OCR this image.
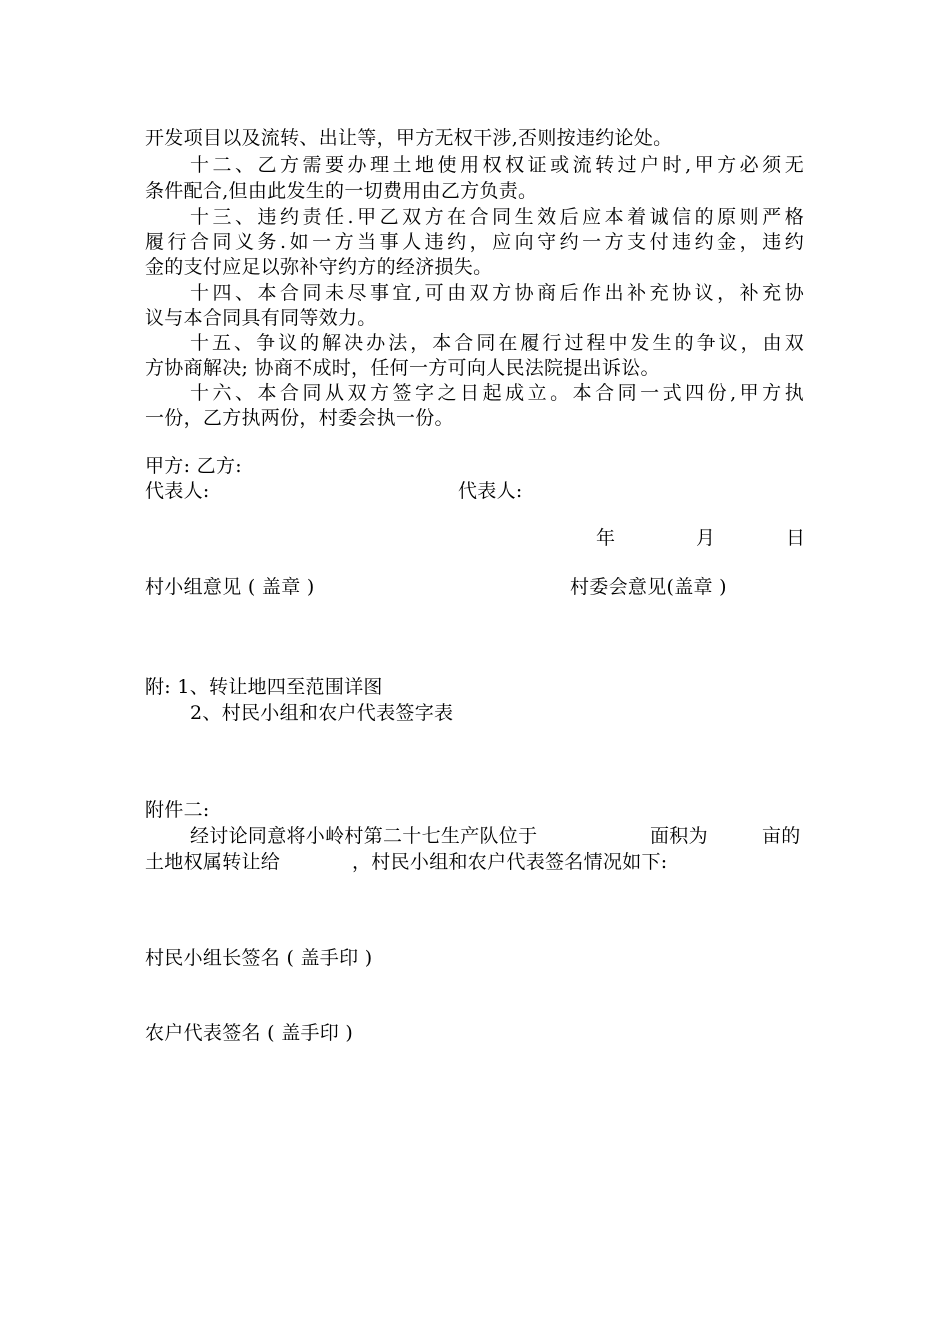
开发项目以及流转、出让等，甲方无权干涉,否则按违约论处。
十二、乙方需要办理土地使用权权证或流转过户时,甲方必须无
条件配合,但由此发生的一切费用由乙方负责。
十三、违约责任.甲乙双方在合同生效后应本着诚信的原则严格
履行合同义务.如一方当事人违约，应向守约一方支付违约金，违约
金的支付应足以弥补守约方的经济损失。
十四、本合同未尽事宜,可由双方协商后作出补充协议，补充协
议与本合同具有同等效力。
十五、争议的解决办法，本合同在履行过程中发生的争议，由双
方协商解决; 协商不成时，任何一方可向人民法院提出诉讼。
十六、本合同从双方签字之日起成立。本合同一式四份,甲方执
一份，乙方执两份，村委会执一份。
甲方: 乙方:
代表人:	代表人:
年	月	日
村小组意见 ( 盖章 )	村委会意见(盖章 )
附: 1、转让地四至范围详图
2、村民小组和农户代表签字表
附件二:
经讨论同意将小岭村第二十七生产队位于	面积为	亩的
土地权属转让给	，村民小组和农户代表签名情况如下:
村民小组长签名 ( 盖手印 )
农户代表签名 ( 盖手印 )
